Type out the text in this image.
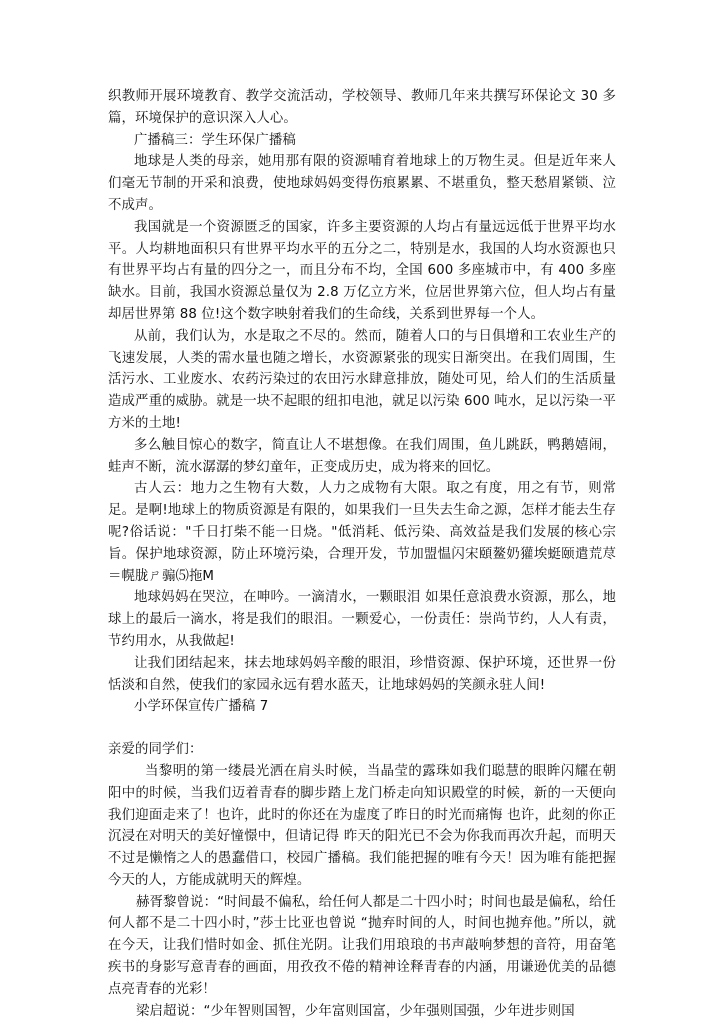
织教师开展环境教育、教学交流活动，学校领导、教师几年来共撰写环保论文 30 多篇，环境保护的意识深入人心。

广播稿三：学生环保广播稿

地球是人类的母亲，她用那有限的资源哺育着地球上的万物生灵。但是近年来人们毫无节制的开采和浪费，使地球妈妈变得伤痕累累、不堪重负，整天愁眉紧锁、泣不成声。

我国就是一个资源匮乏的国家，许多主要资源的人均占有量远远低于世界平均水平。人均耕地面积只有世界平均水平的五分之二，特别是水，我国的人均水资源也只有世界平均占有量的四分之一，而且分布不均，全国 600 多座城市中，有 400 多座缺水。目前，我国水资源总量仅为 2.8 万亿立方米，位居世界第六位，但人均占有量却居世界第 88 位!这个数字映射着我们的生命线，关系到世界每一个人。

从前，我们认为，水是取之不尽的。然而，随着人口的与日俱增和工农业生产的飞速发展，人类的需水量也随之增长，水资源紧张的现实日渐突出。在我们周围，生活污水、工业废水、农药污染过的农田污水肆意排放，随处可见，给人们的生活质量造成严重的威胁。就是一块不起眼的纽扣电池，就足以污染 600 吨水，足以污染一平方米的土地!

多么触目惊心的数字，简直让人不堪想像。在我们周围，鱼儿跳跃，鸭鹅嬉闹，蛙声不断，流水潺潺的梦幻童年，正变成历史，成为将来的回忆。

古人云：地力之生物有大数，人力之成物有大限。取之有度，用之有节，则常足。是啊!地球上的物质资源是有限的，如果我们一旦失去生命之源，怎样才能去生存呢?俗话说："千日打柴不能一日烧。"低消耗、低污染、高效益是我们发展的核心宗旨。保护地球资源，防止环境污染，合理开发，节加盟愠闪宋頤鳌奶獾埃蜓颐遣荒荩＝幌胧ㄕ骟⑸拖Μ

地球妈妈在哭泣，在呻吟。一滴清水，一颗眼泪 如果任意浪费水资源，那么，地球上的最后一滴水，将是我们的眼泪。一颗爱心，一份责任：崇尚节约，人人有责，节约用水，从我做起!

让我们团结起来，抹去地球妈妈辛酸的眼泪，珍惜资源、保护环境，还世界一份恬淡和自然，使我们的家园永远有碧水蓝天，让地球妈妈的笑颜永驻人间!

小学环保宣传广播稿 7

亲爱的同学们：

当黎明的第一缕晨光洒在肩头时候，当晶莹的露珠如我们聪慧的眼眸闪耀在朝阳中的时候，当我们迈着青春的脚步踏上龙门桥走向知识殿堂的时候，新的一天便向我们迎面走来了！也许，此时的你还在为虚度了昨日的时光而痛悔 也许，此刻的你正沉浸在对明天的美好憧憬中，但请记得 昨天的阳光已不会为你我而再次升起，而明天不过是懒惰之人的愚蠢借口，校园广播稿。我们能把握的唯有今天！因为唯有能把握今天的人，方能成就明天的辉煌。

赫胥黎曾说：“时间最不偏私，给任何人都是二十四小时；时间也最是偏私，给任何人都不是二十四小时，”莎士比亚也曾说 “抛弃时间的人，时间也抛弃他。”所以，就在今天，让我们惜时如金、抓住光阴。让我们用琅琅的书声敲响梦想的音符，用奋笔疾书的身影写意青春的画面，用孜孜不倦的精神诠释青春的内涵，用谦逊优美的品德点亮青春的光彩！

梁启超说：“少年智则国智，少年富则国富，少年强则国强，少年进步则国
